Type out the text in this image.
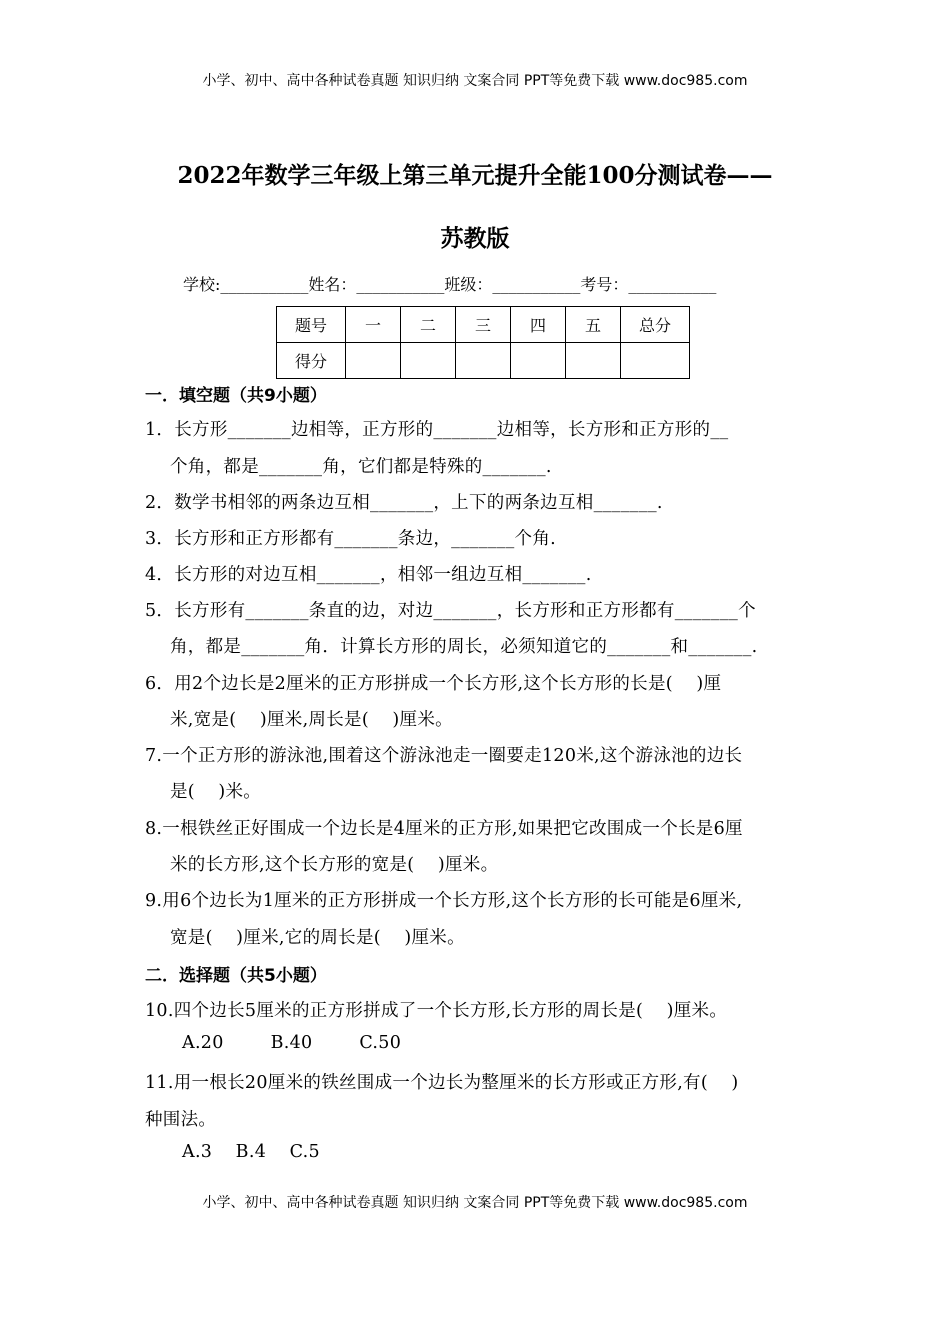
小学、初中、高中各种试卷真题 知识归纳 文案合同 PPT等免费下载 www.doc985.com
2022年数学三年级上第三单元提升全能100分测试卷——
苏教版
学校:___________姓名：___________班级：___________考号：___________
题号	一	二	三	四	五	总分
得分						
一．填空题（共9小题）
1．长方形_______边相等，正方形的_______边相等，长方形和正方形的__
个角，都是_______角，它们都是特殊的_______.
2．数学书相邻的两条边互相_______，上下的两条边互相_______.
3．长方形和正方形都有_______条边，_______个角.
4．长方形的对边互相_______，相邻一组边互相_______.
5．长方形有_______条直的边，对边_______，长方形和正方形都有_______个
角，都是_______角．计算长方形的周长，必须知道它的_______和_______.
6．用2个边长是2厘米的正方形拼成一个长方形,这个长方形的长是(    )厘
米,宽是(    )厘米,周长是(    )厘米。
7.一个正方形的游泳池,围着这个游泳池走一圈要走120米,这个游泳池的边长
是(    )米。
8.一根铁丝正好围成一个边长是4厘米的正方形,如果把它改围成一个长是6厘
米的长方形,这个长方形的宽是(    )厘米。
9.用6个边长为1厘米的正方形拼成一个长方形,这个长方形的长可能是6厘米,
宽是(    )厘米,它的周长是(    )厘米。
二．选择题（共5小题）
10.四个边长5厘米的正方形拼成了一个长方形,长方形的周长是(    )厘米。
A.20        B.40        C.50
11.用一根长20厘米的铁丝围成一个边长为整厘米的长方形或正方形,有(    )
种围法。
A.3    B.4    C.5
小学、初中、高中各种试卷真题 知识归纳 文案合同 PPT等免费下载 www.doc985.com
